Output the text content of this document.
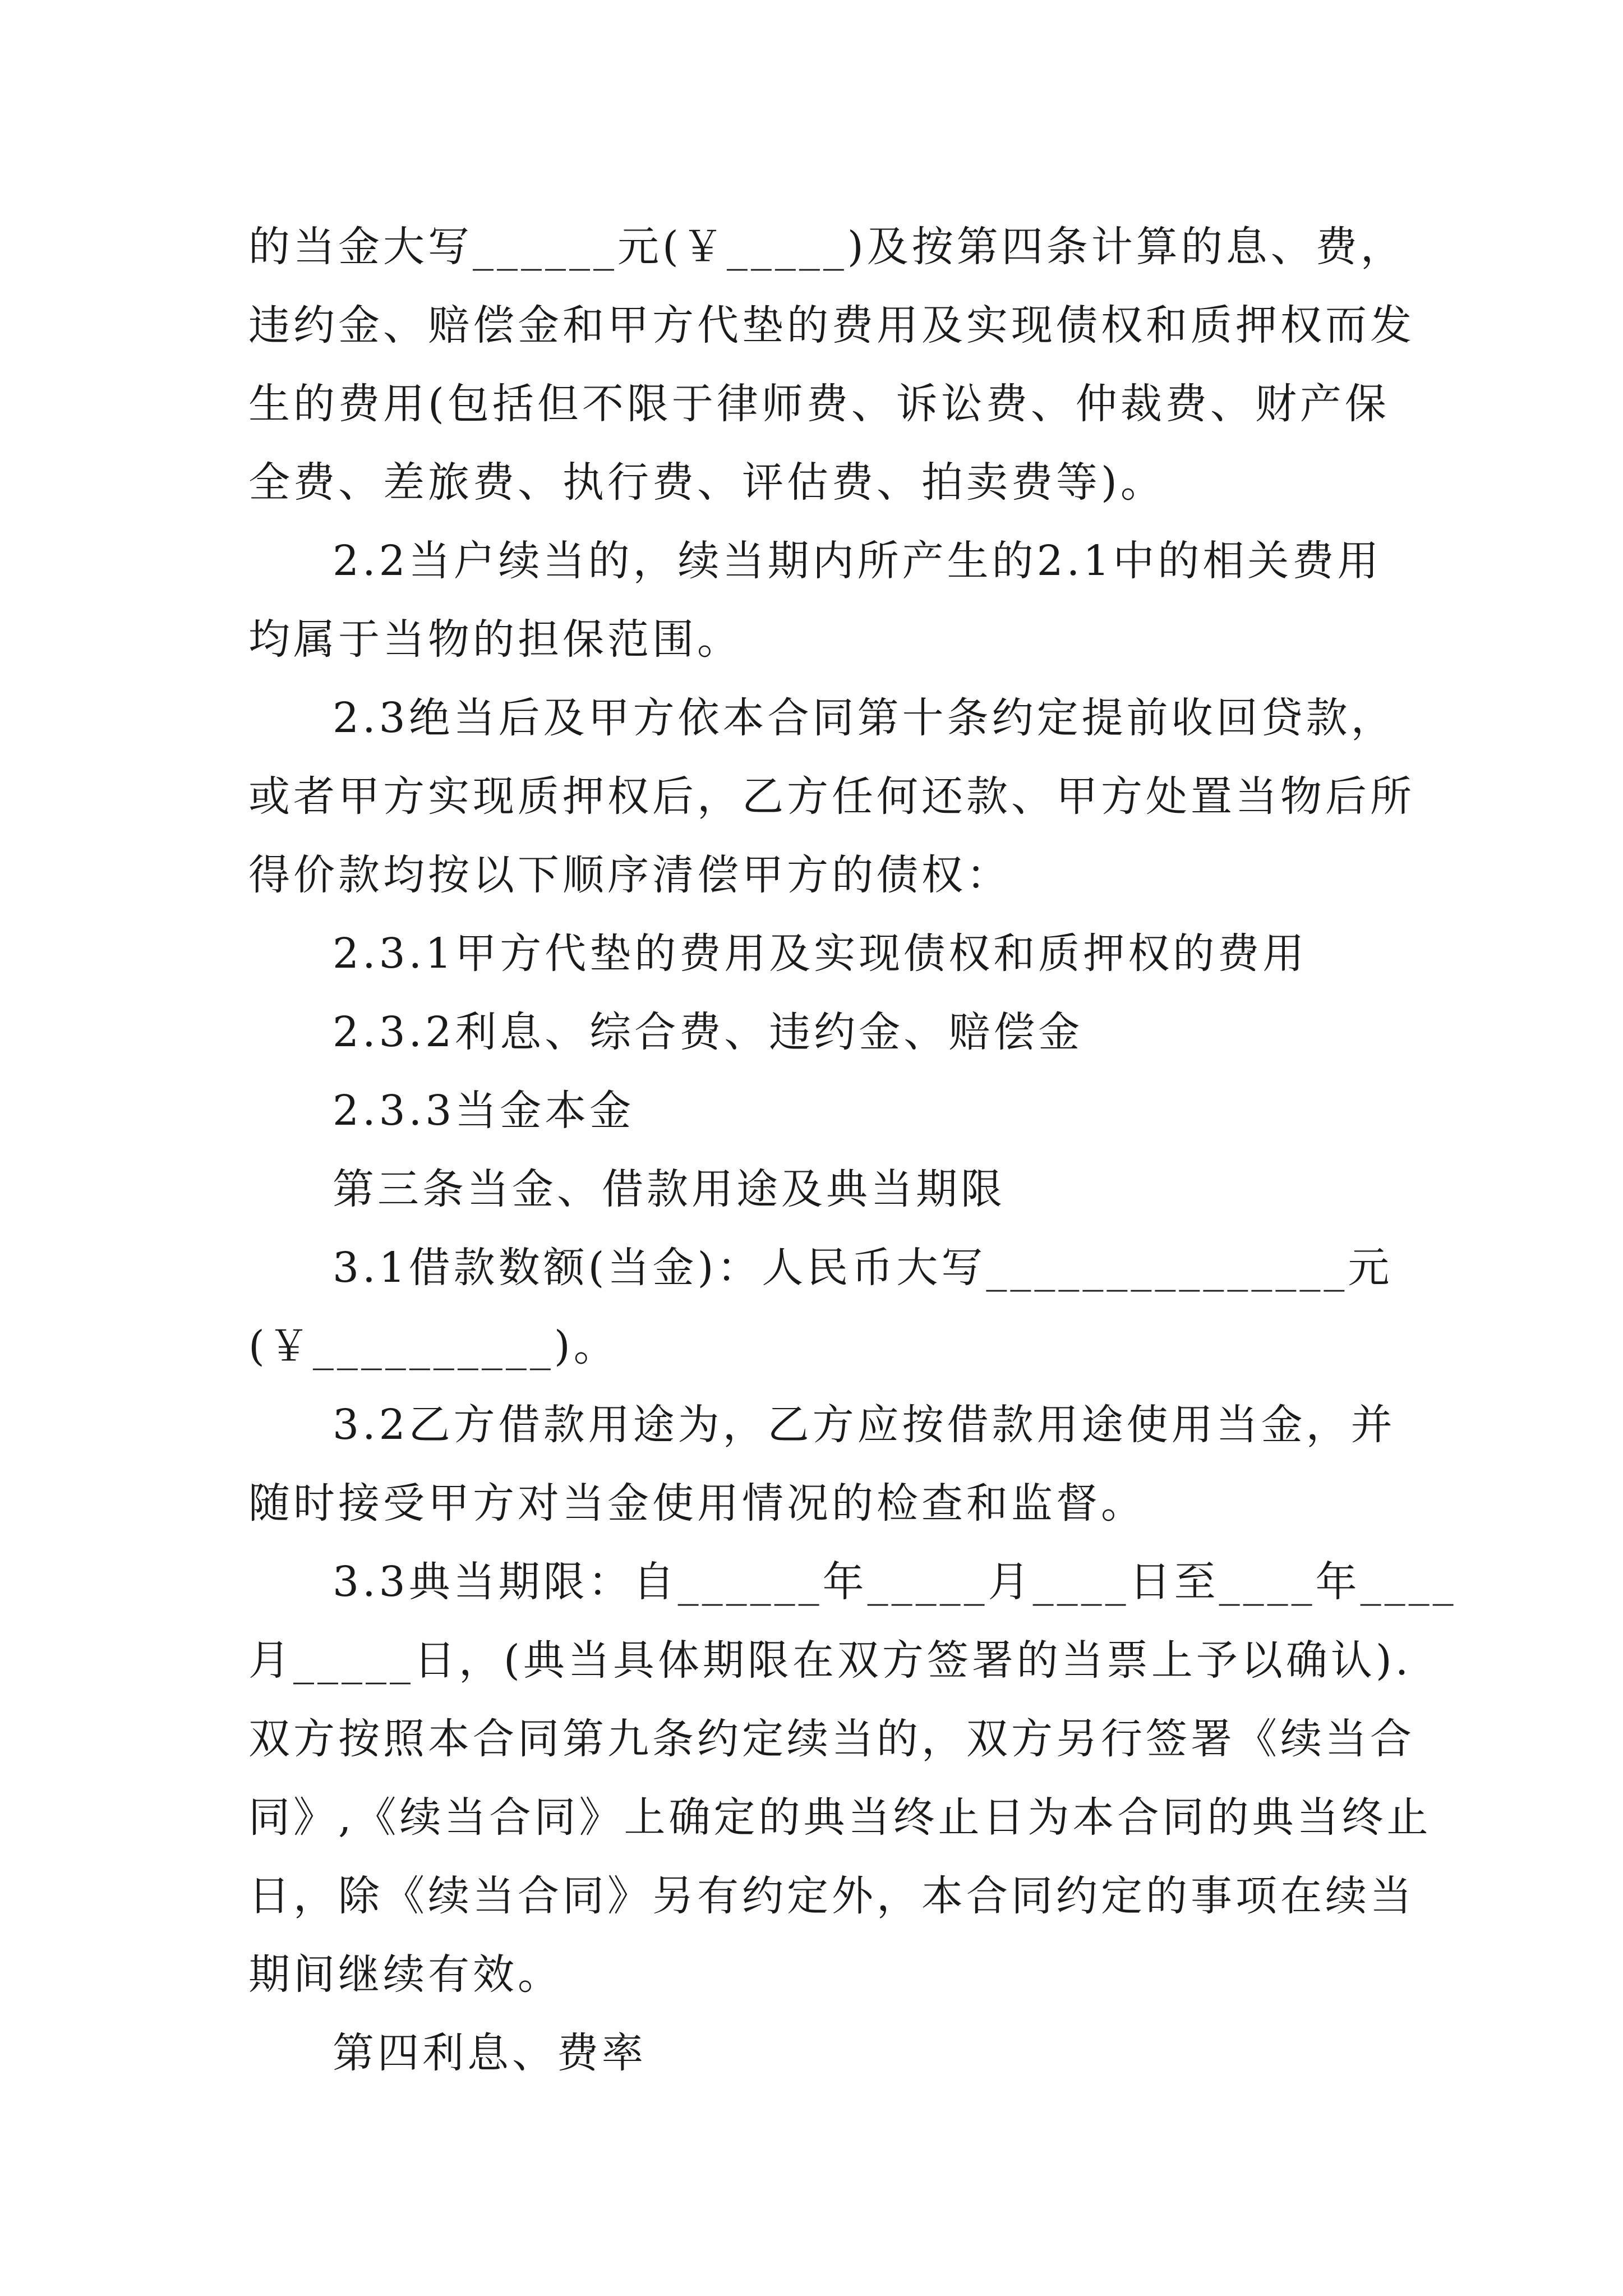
的当金大写______元(￥_____)及按第四条计算的息、费，
违约金、赔偿金和甲方代垫的费用及实现债权和质押权而发
生的费用(包括但不限于律师费、诉讼费、仲裁费、财产保
全费、差旅费、执行费、评估费、拍卖费等)。
2.2当户续当的，续当期内所产生的2.1中的相关费用
均属于当物的担保范围。
2.3绝当后及甲方依本合同第十条约定提前收回贷款，
或者甲方实现质押权后，乙方任何还款、甲方处置当物后所
得价款均按以下顺序清偿甲方的债权：
2.3.1甲方代垫的费用及实现债权和质押权的费用
2.3.2利息、综合费、违约金、赔偿金
2.3.3当金本金
第三条当金、借款用途及典当期限
3.1借款数额(当金)：人民币大写_______________元
(￥__________)。
3.2乙方借款用途为，乙方应按借款用途使用当金，并
随时接受甲方对当金使用情况的检查和监督。
3.3典当期限：自______年_____月____日至____年____
月_____日，(典当具体期限在双方签署的当票上予以确认).
双方按照本合同第九条约定续当的，双方另行签署《续当合
同》,《续当合同》上确定的典当终止日为本合同的典当终止
日，除《续当合同》另有约定外，本合同约定的事项在续当
期间继续有效。
第四利息、费率
